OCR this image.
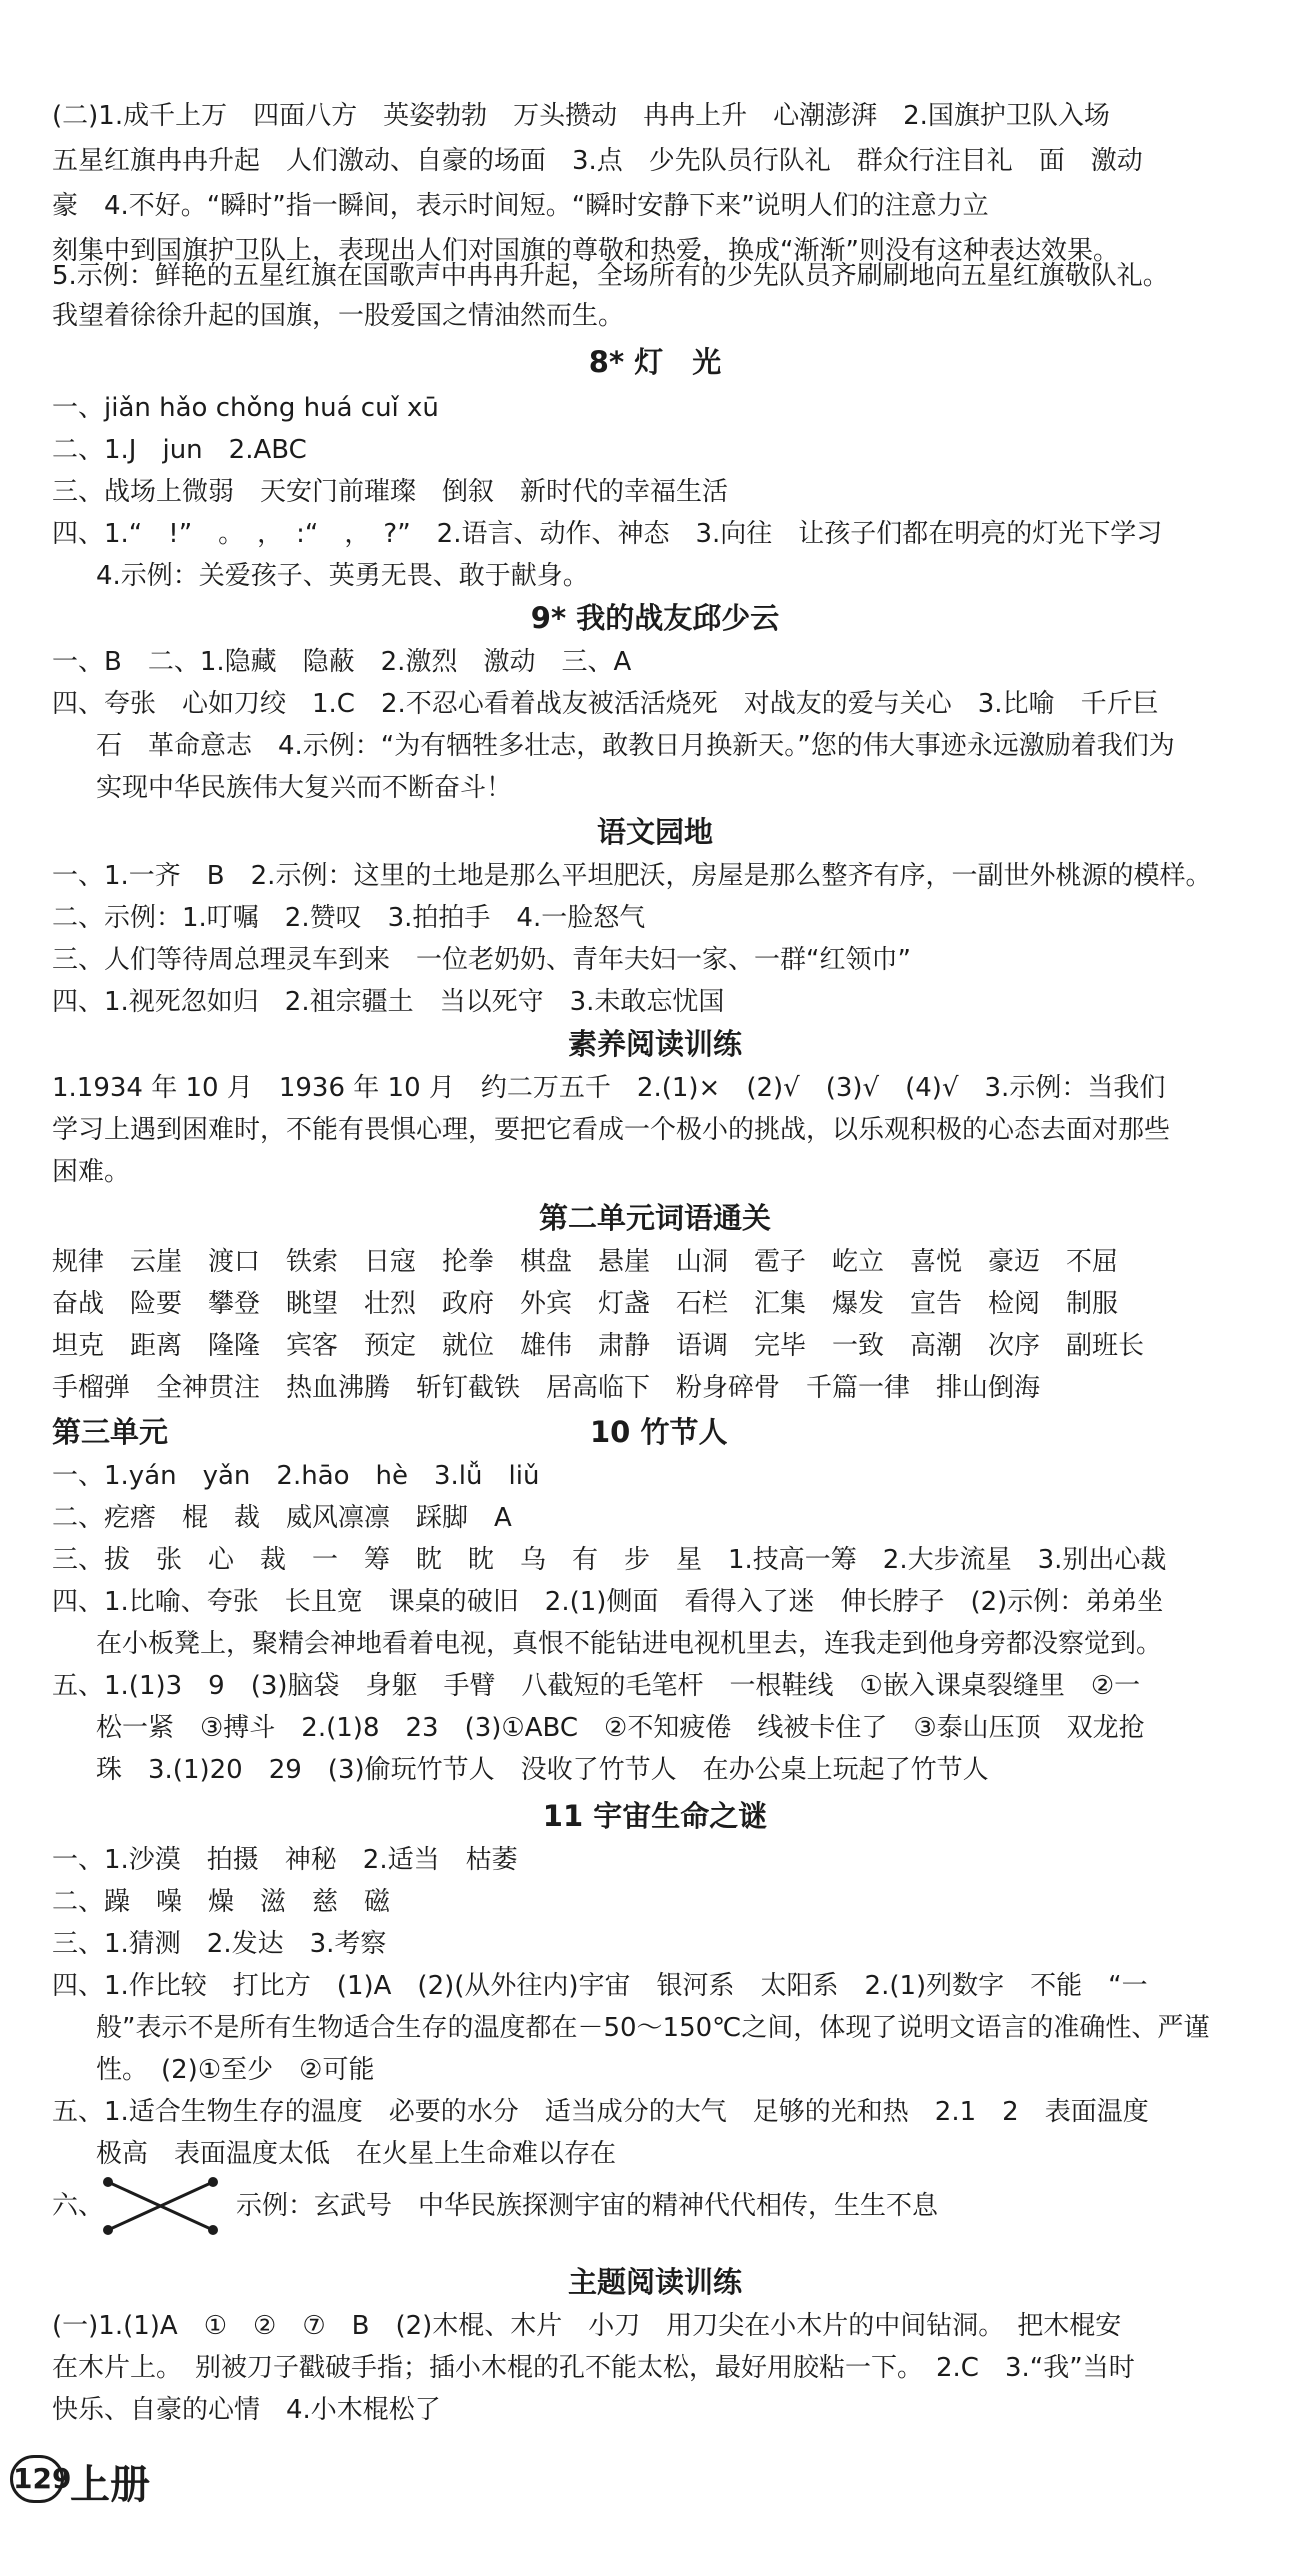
(二)1.成千上万　四面八方　英姿勃勃　万头攒动　冉冉上升　心潮澎湃　2.国旗护卫队入场
五星红旗冉冉升起　人们激动、自豪的场面　3.点　少先队员行队礼　群众行注目礼　面　激动
豪　4.不好。“瞬时”指一瞬间，表示时间短。“瞬时安静下来”说明人们的注意力立
刻集中到国旗护卫队上，表现出人们对国旗的尊敬和热爱，换成“渐渐”则没有这种表达效果。
5.示例：鲜艳的五星红旗在国歌声中冉冉升起，全场所有的少先队员齐刷刷地向五星红旗敬队礼。
我望着徐徐升起的国旗，一股爱国之情油然而生。
8* 灯　光
一、jiǎn hǎo chǒng huá cuǐ xū
二、1.J　jun　2.ABC
三、战场上微弱　天安门前璀璨　倒叙　新时代的幸福生活
四、1.“　!”　。　，　:“　，　?”　2.语言、动作、神态　3.向往　让孩子们都在明亮的灯光下学习
4.示例：关爱孩子、英勇无畏、敢于献身。
9* 我的战友邱少云
一、B　二、1.隐藏　隐蔽　2.激烈　激动　三、A
四、夸张　心如刀绞　1.C　2.不忍心看着战友被活活烧死　对战友的爱与关心　3.比喻　千斤巨
石　革命意志　4.示例：“为有牺牲多壮志，敢教日月换新天。”您的伟大事迹永远激励着我们为
实现中华民族伟大复兴而不断奋斗！
语文园地
一、1.一齐　B　2.示例：这里的土地是那么平坦肥沃，房屋是那么整齐有序，一副世外桃源的模样。
二、示例：1.叮嘱　2.赞叹　3.拍拍手　4.一脸怒气
三、人们等待周总理灵车到来　一位老奶奶、青年夫妇一家、一群“红领巾”
四、1.视死忽如归　2.祖宗疆土　当以死守　3.未敢忘忧国
素养阅读训练
1.1934 年 10 月　1936 年 10 月　约二万五千　2.(1)×　(2)√　(3)√　(4)√　3.示例：当我们
学习上遇到困难时，不能有畏惧心理，要把它看成一个极小的挑战，以乐观积极的心态去面对那些
困难。
第二单元词语通关
规律　云崖　渡口　铁索　日寇　抡拳　棋盘　悬崖　山洞　雹子　屹立　喜悦　豪迈　不屈
奋战　险要　攀登　眺望　壮烈　政府　外宾　灯盏　石栏　汇集　爆发　宣告　检阅　制服
坦克　距离　隆隆　宾客　预定　就位　雄伟　肃静　语调　完毕　一致　高潮　次序　副班长
手榴弹　全神贯注　热血沸腾　斩钉截铁　居高临下　粉身碎骨　千篇一律　排山倒海
第三单元	10 竹节人
一、1.yán　yǎn　2.hāo　hè　3.lǚ　liǔ
二、疙瘩　棍　裁　威风凛凛　踩脚　A
三、拔　张　心　裁　一　筹　眈　眈　乌　有　步　星　1.技高一筹　2.大步流星　3.别出心裁
四、1.比喻、夸张　长且宽　课桌的破旧　2.(1)侧面　看得入了迷　伸长脖子　(2)示例：弟弟坐
在小板凳上，聚精会神地看着电视，真恨不能钻进电视机里去，连我走到他身旁都没察觉到。
五、1.(1)3　9　(3)脑袋　身躯　手臂　八截短的毛笔杆　一根鞋线　①嵌入课桌裂缝里　②一
松一紧　③搏斗　2.(1)8　23　(3)①ABC　②不知疲倦　线被卡住了　③泰山压顶　双龙抢
珠　3.(1)20　29　(3)偷玩竹节人　没收了竹节人　在办公桌上玩起了竹节人
11 宇宙生命之谜
一、1.沙漠　拍摄　神秘　2.适当　枯萎
二、躁　噪　燥　滋　慈　磁
三、1.猜测　2.发达　3.考察
四、1.作比较　打比方　(1)A　(2)(从外往内)宇宙　银河系　太阳系　2.(1)列数字　不能　“一
般”表示不是所有生物适合生存的温度都在－50～150℃之间，体现了说明文语言的准确性、严谨
性。　(2)①至少　②可能
五、1.适合生物生存的温度　必要的水分　适当成分的大气　足够的光和热　2.1　2　表面温度
极高　表面温度太低　在火星上生命难以存在
六、	示例：玄武号　中华民族探测宇宙的精神代代相传，生生不息
主题阅读训练
(一)1.(1)A　①　②　⑦　B　(2)木棍、木片　小刀　用刀尖在小木片的中间钻洞。　把木棍安
在木片上。　别被刀子戳破手指；插小木棍的孔不能太松，最好用胶粘一下。　2.C　3.“我”当时
快乐、自豪的心情　4.小木棍松了
129
上册
